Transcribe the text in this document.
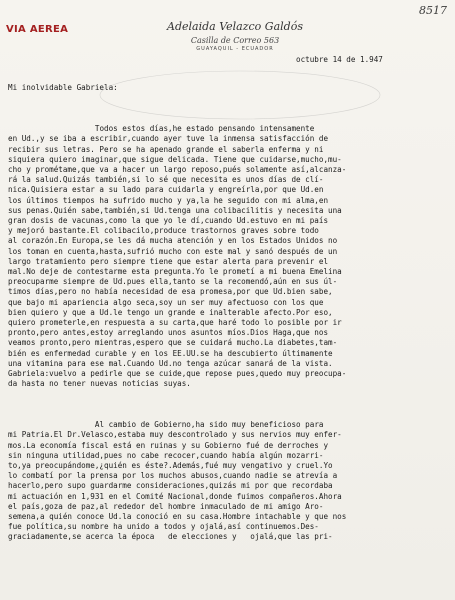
VIA AEREA
8517
Adelaida Velazco Galdós
Casilla de Correo 563
GUAYAQUIL - ECUADOR
octubre 14 de 1.947

Mi inolvidable Gabriela:

Todos estos días,he estado pensando intensamente
en Ud.,y se iba a escribir,cuando ayer tuve la inmensa satisfacción de
recibir sus letras. Pero se ha apenado grande el saberla enferma y ni
siquiera quiero imaginar,que sigue delicada. Tiene que cuidarse,mucho,mu-
cho y prométame,que va a hacer un largo reposo,pués solamente así,alcanza-
rá la salud.Quizás también,si lo sé que necesita es unos días de clí-
nica.Quisiera estar a su lado para cuidarla y engreírla,por que Ud.en
los últimos tiempos ha sufrido mucho y ya,la he seguido con mi alma,en
sus penas.Quién sabe,también,si Ud.tenga una colibacilitis y necesita una
gran dosis de vacunas,como la que yo le dí,cuando Ud.estuvo en mi país
y mejoró bastante.El colibacilo,produce trastornos graves sobre todo
al corazón.En Europa,se les dá mucha atención y en los Estados Unidos no
los toman en cuenta,hasta,sufrió mucho con este mal y sanó después de un
largo tratamiento pero siempre tiene que estar alerta para prevenir el
mal.No deje de contestarme esta pregunta.Yo le prometí a mi buena Emelina
preocuparme siempre de Ud.pues ella,tanto se la recomendó,aún en sus úl-
timos días,pero no había necesidad de esa promesa,por que Ud.bien sabe,
que bajo mi apariencia algo seca,soy un ser muy afectuoso con los que
bien quiero y que a Ud.le tengo un grande e inalterable afecto.Por eso,
quiero prometerle,en respuesta a su carta,que haré todo lo posible por ir
pronto,pero antes,estoy arreglando unos asuntos míos.Dios Haga,que nos
veamos pronto,pero mientras,espero que se cuidará mucho.La diabetes,tam-
bién es enfermedad curable y en los EE.UU.se ha descubierto últimamente
una vitamina para ese mal.Cuando Ud.no tenga azúcar sanará de la vista.
Gabriela:vuelvo a pedirle que se cuide,que repose pues,quedo muy preocupa-
da hasta no tener nuevas noticias suyas.

Al cambio de Gobierno,ha sido muy beneficioso para
mi Patria.El Dr.Velasco,estaba muy descontrolado y sus nervios muy enfer-
mos.La economía fiscal está en ruinas y su Gobierno fué de derroches y
sin ninguna utilidad,pues no cabe recocer,cuando había algún mozarri-
to,ya preocupándome,¿quién es éste?.Además,fué muy vengativo y cruel.Yo
lo combatí por la prensa por los muchos abusos,cuando nadie se atrevía a
hacerlo,pero supo guardarme consideraciones,quizás mi por que recordaba
mi actuación en 1,931 en el Comité Nacional,donde fuimos compañeros.Ahora
el país,goza de paz,al rededor del hombre inmaculado de mi amigo Aro-
semena,a quién conoce Ud.la conoció en su casa.Hombre intachable y que nos
fue política,su nombre ha unido a todos y ojalá,así continuemos.Des-
graciadamente,se acerca la época   de elecciones y   ojalá,que las pri-
